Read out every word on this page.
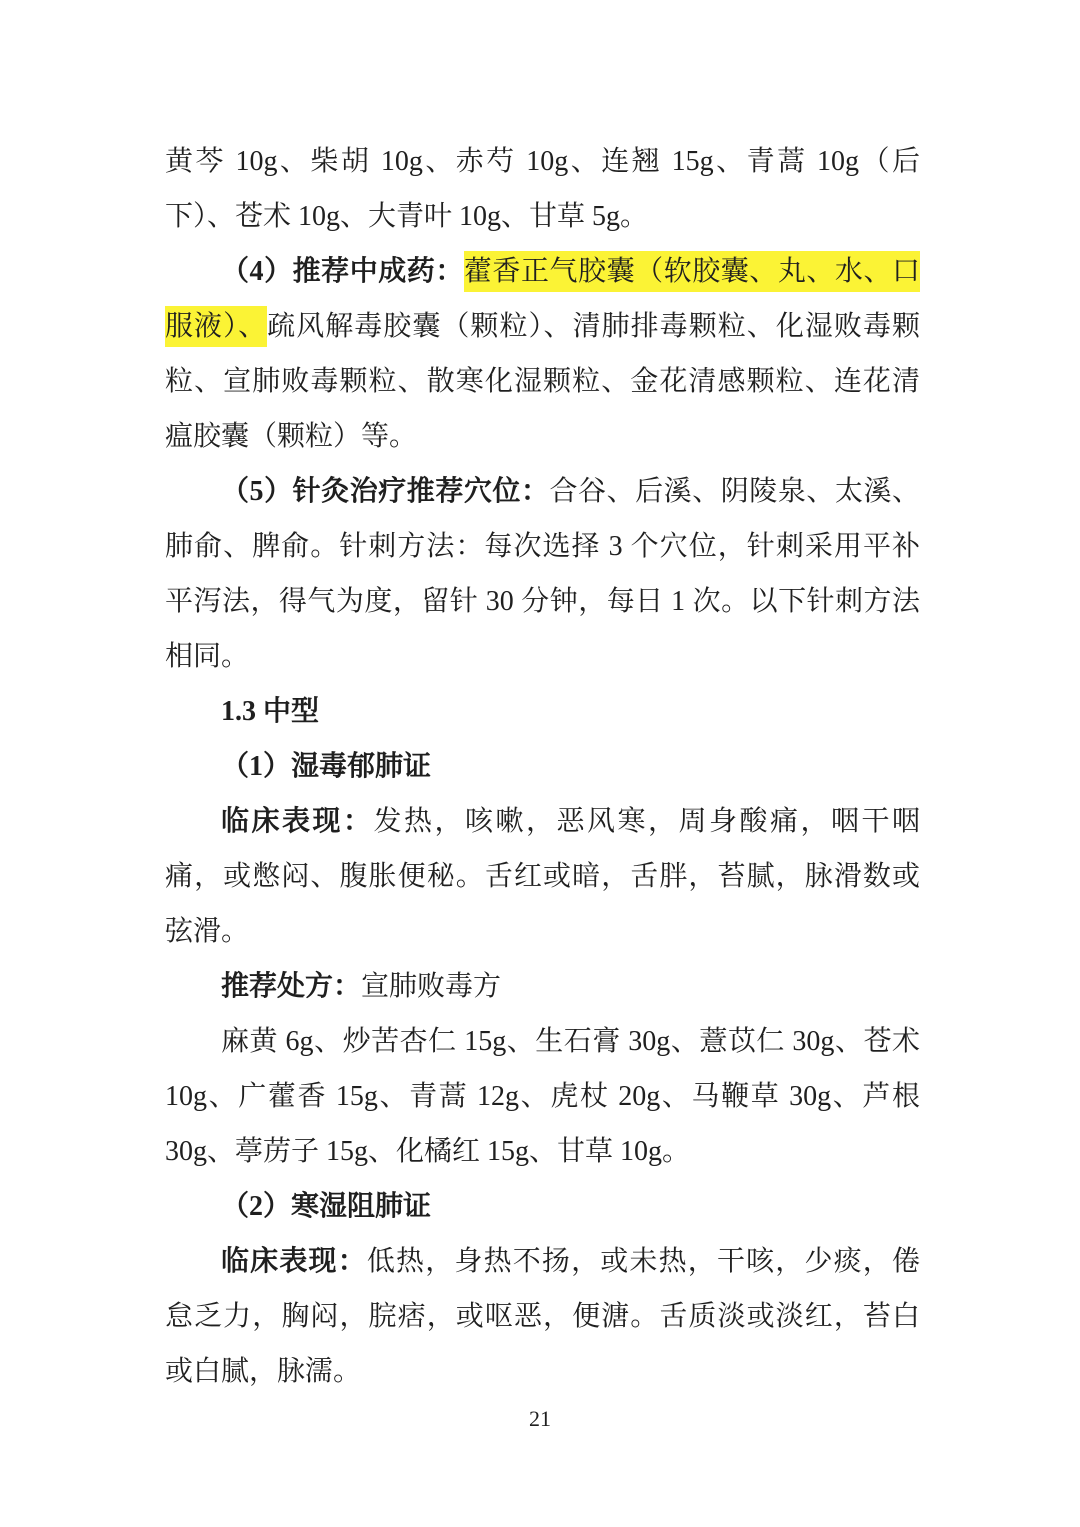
黄芩 10g、柴胡 10g、赤芍 10g、连翘 15g、青蒿 10g（后下）、苍术 10g、大青叶 10g、甘草 5g。

（4）推荐中成药：藿香正气胶囊（软胶囊、丸、水、口服液）、疏风解毒胶囊（颗粒）、清肺排毒颗粒、化湿败毒颗粒、宣肺败毒颗粒、散寒化湿颗粒、金花清感颗粒、连花清瘟胶囊（颗粒）等。

（5）针灸治疗推荐穴位：合谷、后溪、阴陵泉、太溪、肺俞、脾俞。针刺方法：每次选择 3 个穴位，针刺采用平补平泻法，得气为度，留针 30 分钟，每日 1 次。以下针刺方法相同。

1.3 中型

（1）湿毒郁肺证

临床表现：发热，咳嗽，恶风寒，周身酸痛，咽干咽痛，或憋闷、腹胀便秘。舌红或暗，舌胖，苔腻，脉滑数或弦滑。

推荐处方：宣肺败毒方

麻黄 6g、炒苦杏仁 15g、生石膏 30g、薏苡仁 30g、苍术 10g、广藿香 15g、青蒿 12g、虎杖 20g、马鞭草 30g、芦根 30g、葶苈子 15g、化橘红 15g、甘草 10g。

（2）寒湿阻肺证

临床表现：低热，身热不扬，或未热，干咳，少痰，倦怠乏力，胸闷，脘痞，或呕恶，便溏。舌质淡或淡红，苔白或白腻，脉濡。

21
